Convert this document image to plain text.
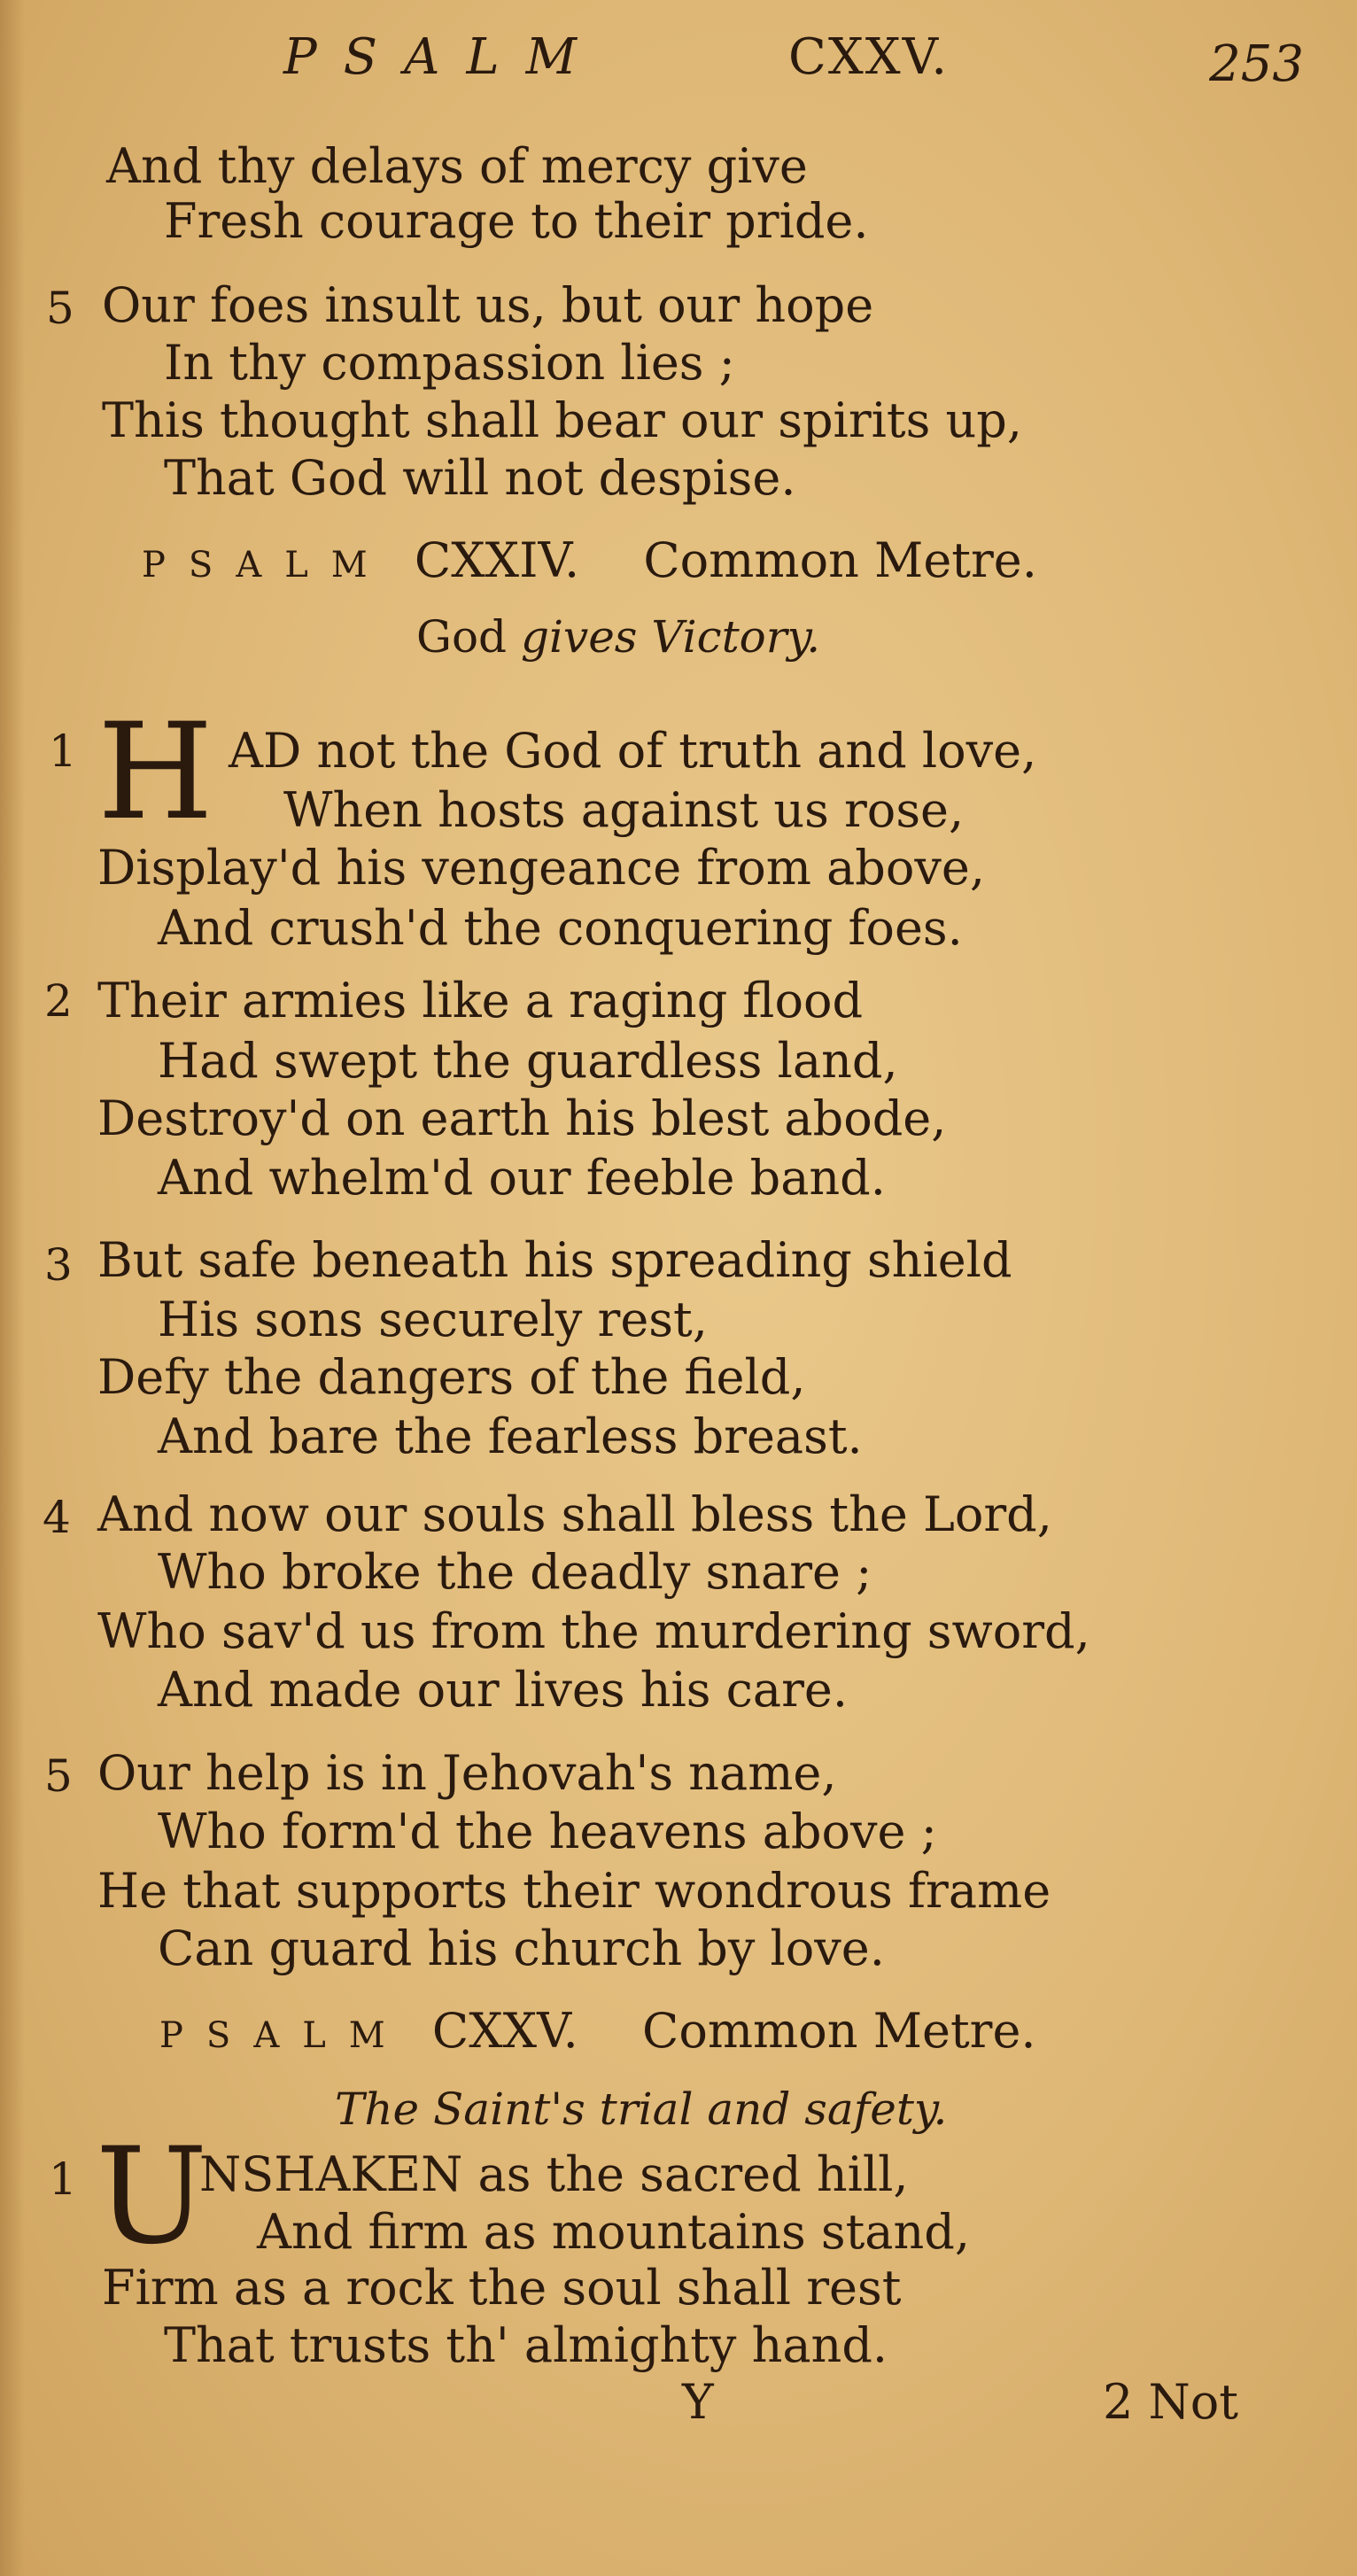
PSALM	CXXV.	253
And thy delays of mercy give
Fresh courage to their pride.
5 Our foes insult us, but our hope
In thy compassion lies ;
This thought shall bear our spirits up,
That God will not despise.
PSALM CXXIV. Common Metre.
God gives Victory.
1 H AD not the God of truth and love,
When hosts against us rose,
Display'd his vengeance from above,
And crush'd the conquering foes.
2 Their armies like a raging flood
Had swept the guardless land,
Destroy'd on earth his blest abode,
And whelm'd our feeble band.
3 But safe beneath his spreading shield
His sons securely rest,
Defy the dangers of the field,
And bare the fearless breast.
4 And now our souls shall bless the Lord,
Who broke the deadly snare ;
Who sav'd us from the murdering sword,
And made our lives his care.
5 Our help is in Jehovah's name,
Who form'd the heavens above ;
He that supports their wondrous frame
Can guard his church by love.
PSALM CXXV. Common Metre.
The Saint's trial and safety.
1 U
NSHAKEN as the sacred hill,
And firm as mountains stand,
Firm as a rock the soul shall rest
That trusts th' almighty hand.
Y	2 Not
